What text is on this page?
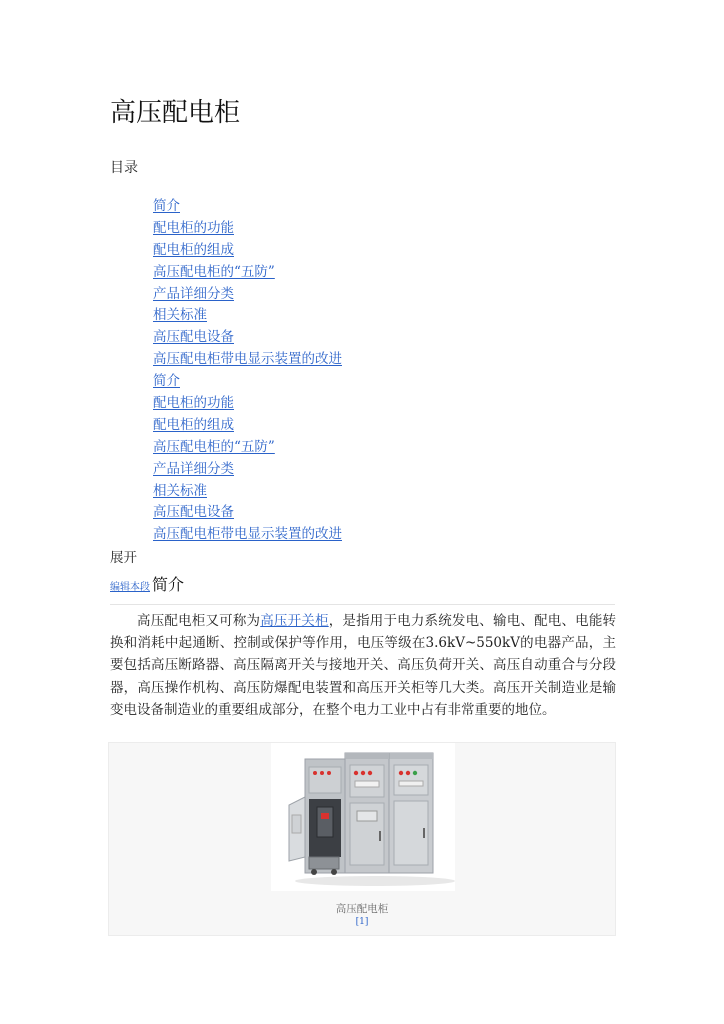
高压配电柜
目录
简介
配电柜的功能
配电柜的组成
高压配电柜的“五防”
产品详细分类
相关标准
高压配电设备
高压配电柜带电显示装置的改进
简介
配电柜的功能
配电柜的组成
高压配电柜的“五防”
产品详细分类
相关标准
高压配电设备
高压配电柜带电显示装置的改进
展开
编辑本段 简介

高压配电柜又可称为高压开关柜，是指用于电力系统发电、输电、配电、电能转换和消耗中起通断、控制或保护等作用，电压等级在3.6kV~550kV的电器产品，主要包括高压断路器、高压隔离开关与接地开关、高压负荷开关、高压自动重合与分段器，高压操作机构、高压防爆配电装置和高压开关柜等几大类。高压开关制造业是输变电设备制造业的重要组成部分，在整个电力工业中占有非常重要的地位。

高压配电柜
[1]
